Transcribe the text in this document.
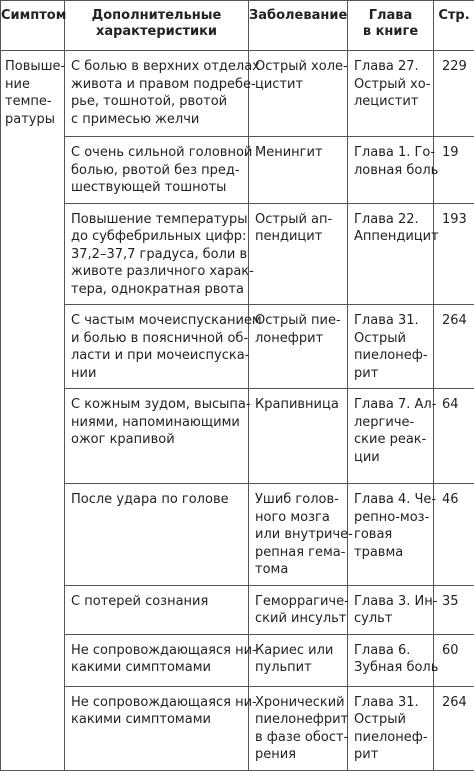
Симптом	Дополнительные
характеристики	Заболевание	Глава
в книге	Стр.

Повыше-
ние
темпе-
ратуры	С болью в верхних отделах
живота и правом подребе-
рье, тошнотой, рвотой
с примесью желчи	Острый холе-
цистит	Глава 27.
Острый хо-
лецистит	229

	С очень сильной головной
болью, рвотой без пред-
шествующей тошноты	Менингит	Глава 1. Го-
ловная боль	19

	Повышение температуры
до субфебрильных цифр:
37,2–37,7 градуса, боли в
животе различного харак-
тера, однократная рвота	Острый ап-
пендицит	Глава 22.
Аппендицит	193

	С частым мочеиспусканием
и болью в поясничной об-
ласти и при мочеиспуска-
нии	Острый пие-
лонефрит	Глава 31.
Острый
пиелонеф-
рит	264

	С кожным зудом, высыпа-
ниями, напоминающими
ожог крапивой	Крапивница	Глава 7. Ал-
лергиче-
ские реак-
ции	64

	После удара по голове	Ушиб голов-
ного мозга
или внутриче-
репная гема-
тома	Глава 4. Че-
репно-моз-
говая
травма	46

	С потерей сознания	Геморрагиче-
ский инсульт	Глава 3. Ин-
сульт	35

	Не сопровождающаяся ни-
какими симптомами	Кариес или
пульпит	Глава 6.
Зубная боль	60

	Не сопровождающаяся ни-
какими симптомами	Хронический
пиелонефрит
в фазе обост-
рения	Глава 31.
Острый
пиелонеф-
рит	264
